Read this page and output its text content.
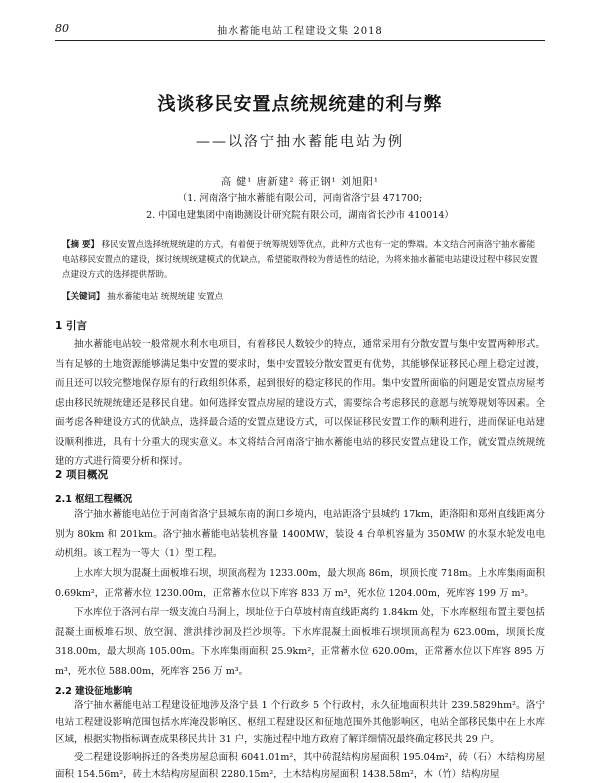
80	抽水蓄能电站工程建设文集 2018
浅谈移民安置点统规统建的利与弊
——以洛宁抽水蓄能电站为例
高 健¹ 唐新建² 蒋正钢¹ 刘旭阳¹
（1. 河南洛宁抽水蓄能有限公司，河南省洛宁县 471700;
2. 中国电建集团中南勘测设计研究院有限公司，湖南省长沙市 410014）
【摘 要】 移民安置点选择统规统建的方式，有着便于统筹规划等优点，此种方式也有一定的弊端。本文结合河南洛宁抽水蓄能电站移民安置点的建设，探讨统规统建模式的优缺点，希望能取得较为普适性的结论，为将来抽水蓄能电站建设过程中移民安置点建设方式的选择提供帮助。
【关键词】 抽水蓄能电站 统规统建 安置点
1 引言
抽水蓄能电站较一般常规水利水电项目，有着移民人数较少的特点，通常采用有分散安置与集中安置两种形式。当有足够的土地资源能够满足集中安置的要求时，集中安置较分散安置更有优势，其能够保证移民心理上稳定过渡，而且还可以较完整地保存原有的行政组织体系，起到很好的稳定移民的作用。集中安置所面临的问题是安置点房屋考虑由移民统规统建还是移民自建。如何选择安置点房屋的建设方式，需要综合考虑移民的意愿与统筹规划等因素。全面考虑各种建设方式的优缺点，选择最合适的安置点建设方式，可以保证移民安置工作的顺利进行，进而保证电站建设顺利推进，具有十分重大的现实意义。本文将结合河南洛宁抽水蓄能电站的移民安置点建设工作，就安置点统规统建的方式进行简要分析和探讨。
2 项目概况
2.1 枢纽工程概况
洛宁抽水蓄能电站位于河南省洛宁县城东南的涧口乡境内，电站距洛宁县城约 17km，距洛阳和郑州直线距离分别为 80km 和 201km。洛宁抽水蓄能电站装机容量 1400MW，装设 4 台单机容量为 350MW 的水泵水轮发电电动机组。该工程为一等大（1）型工程。
上水库大坝为混凝土面板堆石坝，坝顶高程为 1233.00m，最大坝高 86m，坝顶长度 718m。上水库集雨面积 0.69km²，正常蓄水位 1230.00m，正常蓄水位以下库容 833 万 m³，死水位 1204.00m，死库容 199 万 m³。
下水库位于洛河右岸一级支流白马涧上，坝址位于白草坡村南直线距离约 1.84km 处，下水库枢纽布置主要包括混凝土面板堆石坝、放空洞、泄洪排沙洞及拦沙坝等。下水库混凝土面板堆石坝坝顶高程为 623.00m，坝顶长度 318.00m，最大坝高 105.00m。下水库集雨面积 25.9km²，正常蓄水位 620.00m，正常蓄水位以下库容 895 万 m³，死水位 588.00m，死库容 256 万 m³。
2.2 建设征地影响
洛宁抽水蓄能电站工程建设征地涉及洛宁县 1 个行政乡 5 个行政村，永久征地面积共计 239.5829hm²。洛宁电站工程建设影响范围包括水库淹没影响区、枢纽工程建设区和征地范围外其他影响区，电站全部移民集中在上水库区域，根据实物指标调查成果移民共计 31 户，实施过程中地方政府了解详细情况最终确定移民共 29 户。
受二程建设影响拆迁的各类房屋总面积 6041.01m²，其中砖混结构房屋面积 195.04m²，砖（石）木结构房屋面积 154.56m²，砖土木结构房屋面积 2280.15m²，土木结构房屋面积 1438.58m²，木（竹）结构房屋
